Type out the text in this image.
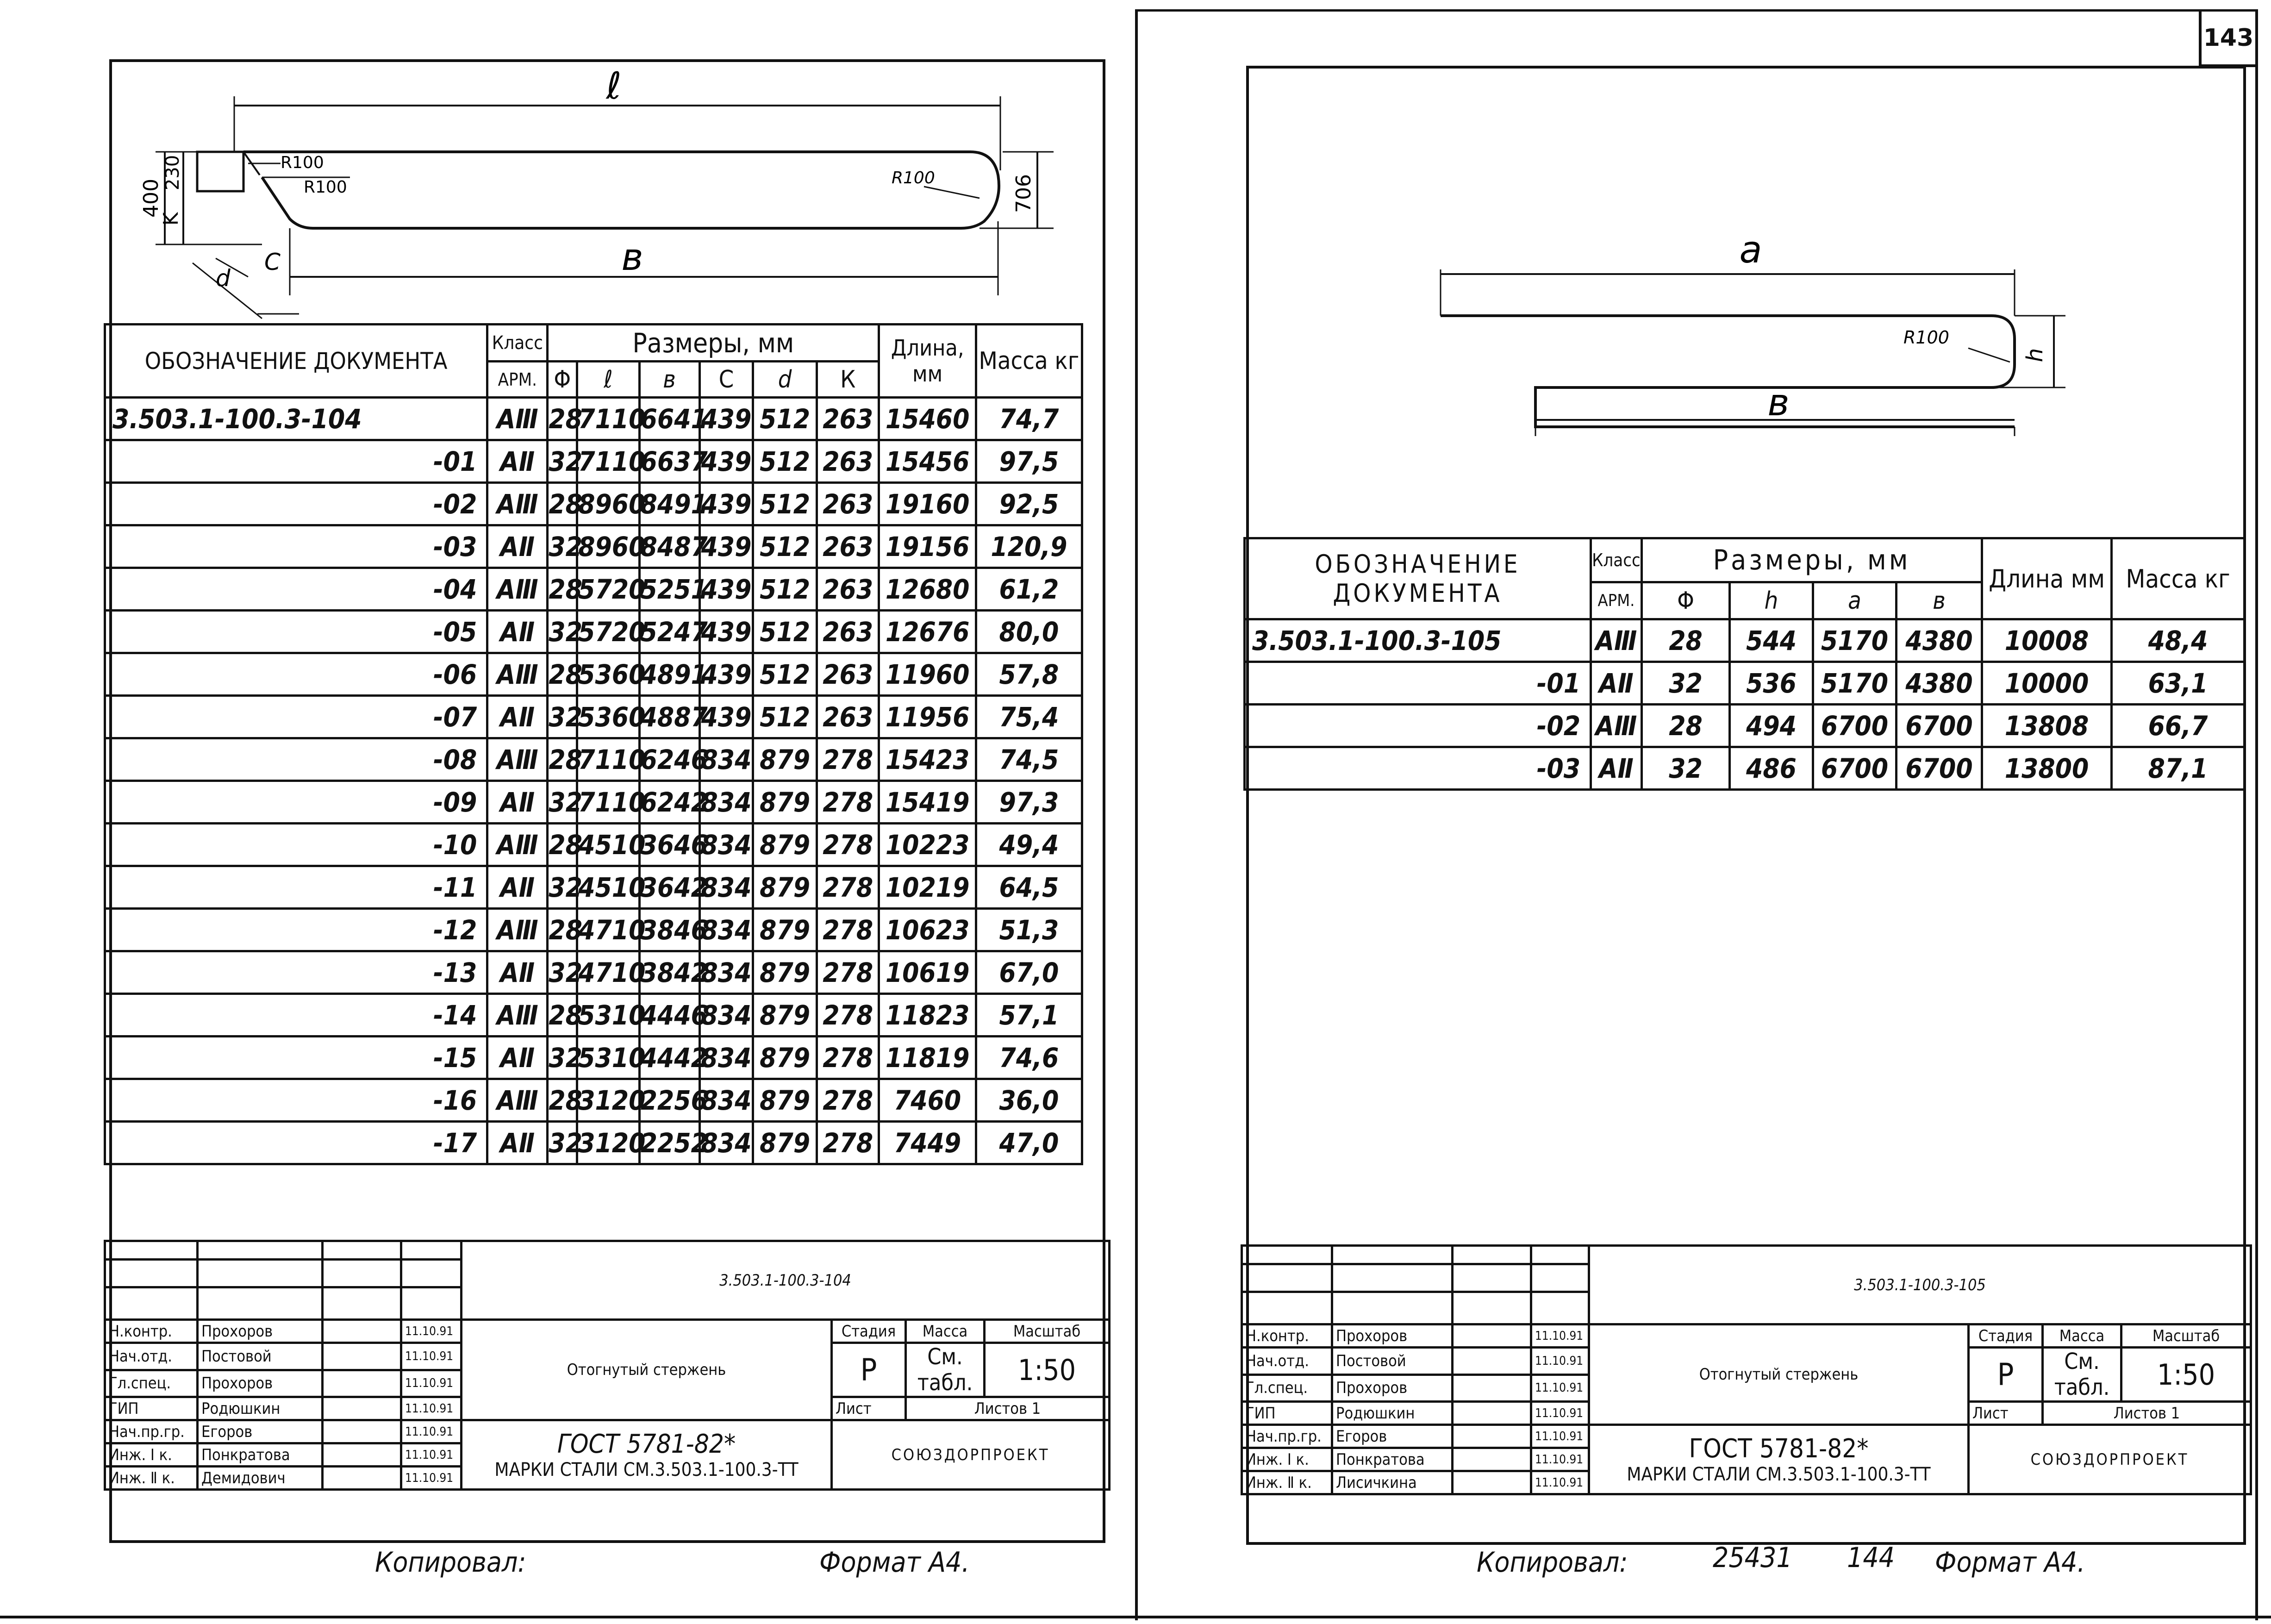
143
ℓ
в
400
230
K
C
d
R100
R100	R100	706
ОБОЗНАЧЕНИЕ ДОКУМЕНТА	Класс	Размеры, мм						Длина, мм	Масса кг
	АРМ.	Φ	ℓ	в	С	d	К		
3.503.1-100.3-104	АⅢ	28	7110	6641	439	512	263	15460	74,7
-01	АⅡ	32	7110	6637	439	512	263	15456	97,5
-02	АⅢ	28	8960	8491	439	512	263	19160	92,5
-03	АⅡ	32	8960	8487	439	512	263	19156	120,9
-04	АⅢ	28	5720	5251	439	512	263	12680	61,2
-05	АⅡ	32	5720	5247	439	512	263	12676	80,0
-06	АⅢ	28	5360	4891	439	512	263	11960	57,8
-07	АⅡ	32	5360	4887	439	512	263	11956	75,4
-08	АⅢ	28	7110	6246	834	879	278	15423	74,5
-09	АⅡ	32	7110	6242	834	879	278	15419	97,3
-10	АⅢ	28	4510	3646	834	879	278	10223	49,4
-11	АⅡ	32	4510	3642	834	879	278	10219	64,5
-12	АⅢ	28	4710	3846	834	879	278	10623	51,3
-13	АⅡ	32	4710	3842	834	879	278	10619	67,0
-14	АⅢ	28	5310	4446	834	879	278	11823	57,1
-15	АⅡ	32	5310	4442	834	879	278	11819	74,6
-16	АⅢ	28	3120	2256	834	879	278	7460	36,0
-17	АⅡ	32	3120	2252	834	879	278	7449	47,0
				3.503.1-100.3-104			

Н.контр.	Прохоров		11.10.91	Отогнутый стержень	Стадия	Масса	Масштаб
Нач.отд.	Постовой		11.10.91		Р	См. табл.	1:50
Гл.спец.	Прохоров		11.10.91				
ГИП	Родюшкин		11.10.91		Лист	Листов 1	
Нач.пр.гр.	Егоров		11.10.91	ГОСТ 5781-82*
МАРКИ СТАЛИ СМ.3.503.1-100.3-ТТ	СОЮЗДОРПРОЕКТ		
Инж. Ⅰ к.	Понкратова		11.10.91				
Инж. Ⅱ к.	Демидович		11.10.91				
Копировал:	Формат А4.
a
в
h
R100
ОБОЗНАЧЕНИЕ ДОКУМЕНТА	Класс	Размеры, мм				Длина мм	Масса кг
	АРМ.	Φ	h	a	в		
3.503.1-100.3-105	АⅢ	28	544	5170	4380	10008	48,4
-01	АⅡ	32	536	5170	4380	10000	63,1
-02	АⅢ	28	494	6700	6700	13808	66,7
-03	АⅡ	32	486	6700	6700	13800	87,1
				3.503.1-100.3-105			

Н.контр.	Прохоров		11.10.91	Отогнутый стержень	Стадия	Масса	Масштаб
Нач.отд.	Постовой		11.10.91		Р	См. табл.	1:50
Гл.спец.	Прохоров		11.10.91				
ГИП	Родюшкин		11.10.91		Лист	Листов 1	
Нач.пр.гр.	Егоров		11.10.91	ГОСТ 5781-82*
МАРКИ СТАЛИ СМ.3.503.1-100.3-ТТ	СОЮЗДОРПРОЕКТ		
Инж. Ⅰ к.	Понкратова		11.10.91				
Инж. Ⅱ к.	Лисичкина		11.10.91				
Копировал:	25431 144 Формат А4.
